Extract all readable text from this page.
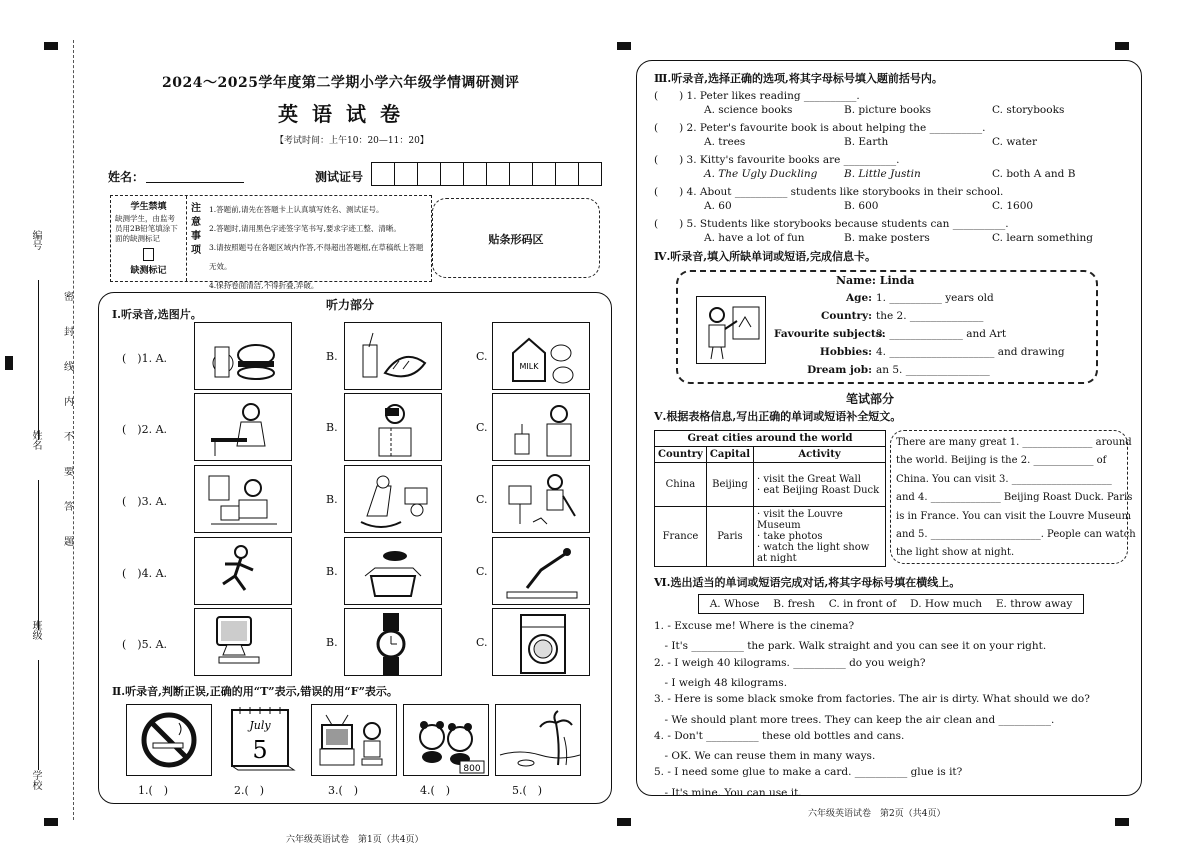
编号
姓名
班级
学校
密
封
线
内
不
要
答
题
2024～2025学年度第二学期小学六年级学情调研测评
英语试卷
【考试时间：上午10：20—11：20】
姓名：	测试证号
学生禁填
缺测学生，由监考员用2B铅笔填涂下面的缺测标记
缺测标记
注意事项
1.答题前,请先在答题卡上认真填写姓名、测试证号。
2.答题时,请用黑色字迹签字笔书写,要求字迹工整、清晰。
3.请按照题号在各题区域内作答,不得超出答题框,在草稿纸上答题无效。
4.保持卷面清洁,不得折叠,弄破。
贴条形码区
听力部分
Ⅰ.听录音,选图片。
(　)1. A.	B.	C.
MILK
(　)2. A.	B.	C.
(　)3. A.	B.	C.
(　)4. A.	B.	C.
(　)5. A.	B.	C.
Ⅱ.听录音,判断正误,正确的用“T”表示,错误的用“F”表示。
July
5
800
1.(　)	2.(　)	3.(　)	4.(　)	5.(　)
六年级英语试卷　第1页（共4页）
Ⅲ.听录音,选择正确的选项,将其字母标号填入题前括号内。
(　　) 1. Peter likes reading __________.
A. science books	B. picture books	C. storybooks
(　　) 2. Peter's favourite book is about helping the __________.
A. trees	B. Earth	C. water
(　　) 3. Kitty's favourite books are __________.
A. The Ugly Duckling	B. Little Justin	C. both A and B
(　　) 4. About __________ students like storybooks in their school.
A. 60	B. 600	C. 1600
(　　) 5. Students like storybooks because students can __________.
A. have a lot of fun	B. make posters	C. learn something
Ⅳ.听录音,填入所缺单词或短语,完成信息卡。
Name: Linda
Age: 1. __________ years old
Country: the 2. ______________
Favourite subjects:
3. ______________ and Art
Hobbies: 4. ____________________ and drawing
Dream job: an 5. ________________
笔试部分
Ⅴ.根据表格信息,写出正确的单词或短语补全短文。
Great cities around the world		
Country	Capital	Activity
China	Beijing	· visit the Great Wall
· eat Beijing Roast Duck

France	Paris	· visit the Louvre Museum
· take photos
· watch the light show at night
There are many great 1. ______________ around
the world. Beijing is the 2. ____________ of
China. You can visit 3. ____________________
and 4. ______________ Beijing Roast Duck. Paris
is in France. You can visit the Louvre Museum
and 5. ______________________. People can watch
the light show at night.
Ⅵ.选出适当的单词或短语完成对话,将其字母标号填在横线上。
A. Whose　 B. fresh　 C. in front of　 D. How much　 E. throw away
1. - Excuse me! Where is the cinema?
　- It's __________ the park. Walk straight and you can see it on your right.
2. - I weigh 40 kilograms. __________ do you weigh?
　- I weigh 48 kilograms.
3. - Here is some black smoke from factories. The air is dirty. What should we do?
　- We should plant more trees. They can keep the air clean and __________.
4. - Don't __________ these old bottles and cans.
　- OK. We can reuse them in many ways.
5. - I need some glue to make a card. __________ glue is it?
　- It's mine. You can use it.
六年级英语试卷　第2页（共4页）
